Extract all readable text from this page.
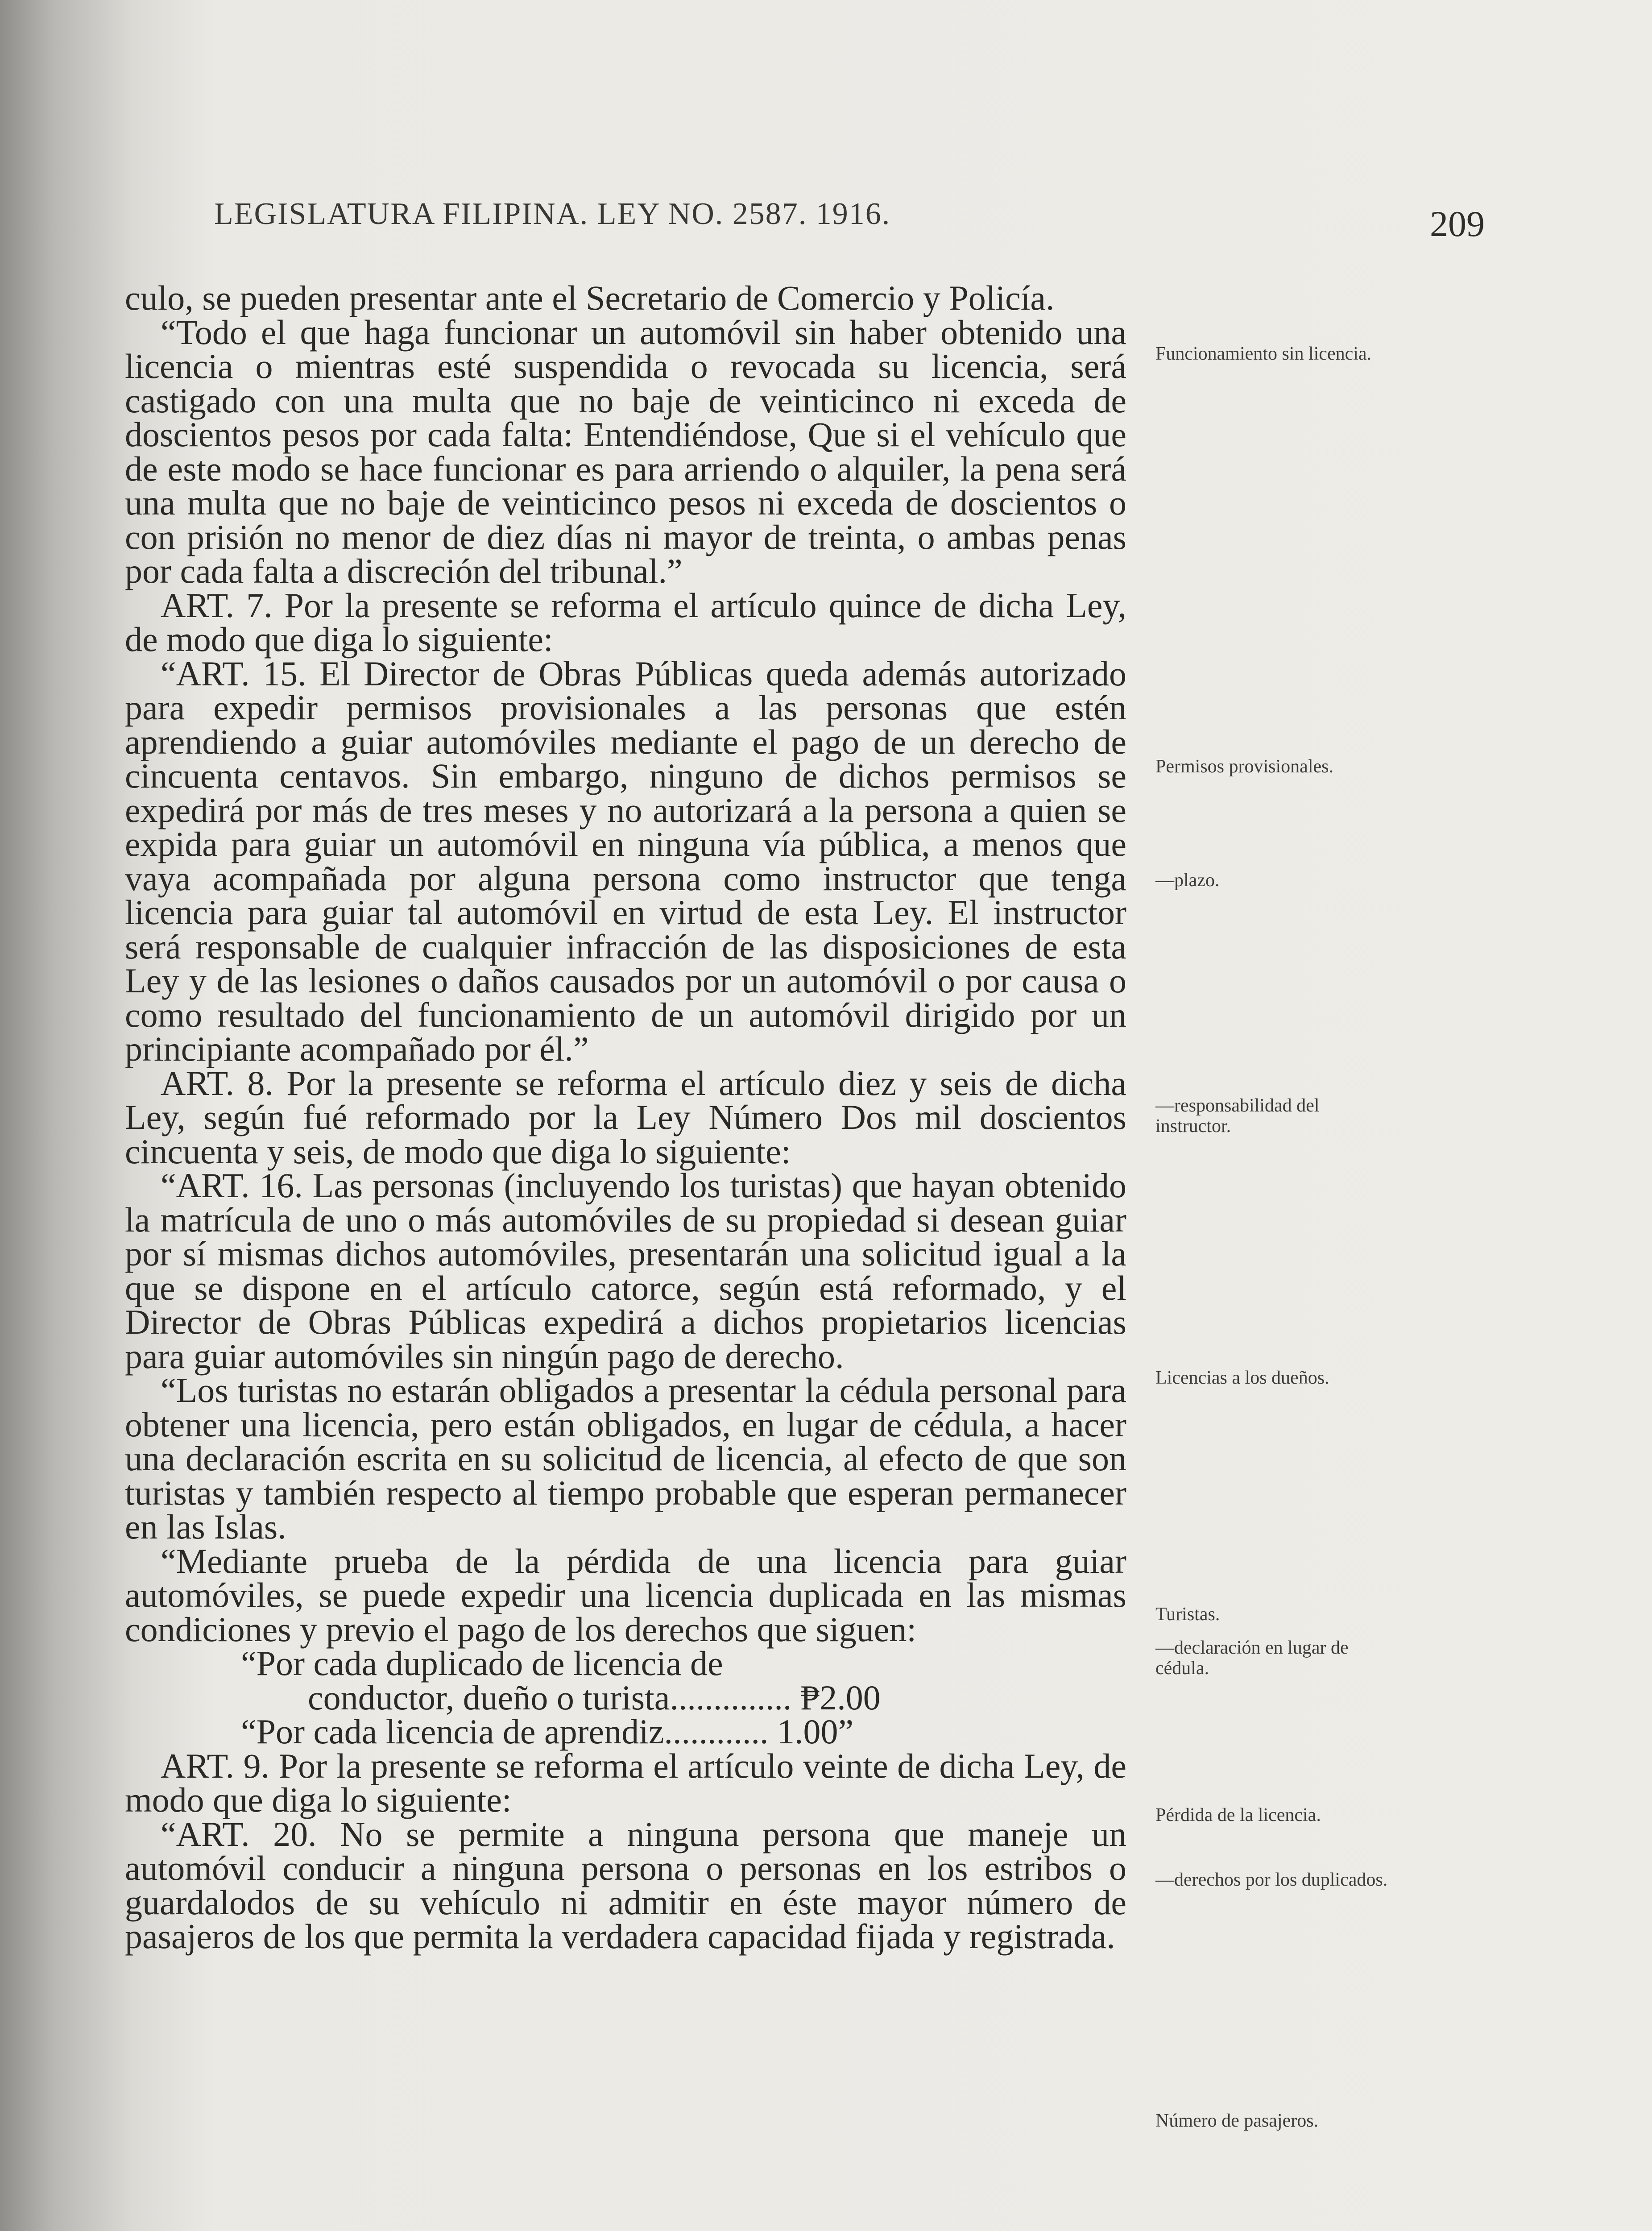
LEGISLATURA FILIPINA. LEY NO. 2587. 1916.	209

culo, se pueden presentar ante el Secretario de Comercio y Policía.

“Todo el que haga funcionar un automóvil sin haber obtenido una licencia o mientras esté suspendida o revocada su licencia, será castigado con una multa que no baje de veinticinco ni exceda de doscientos pesos por cada falta: Entendiéndose, Que si el vehículo que de este modo se hace funcionar es para arriendo o alquiler, la pena será una multa que no baje de veinticinco pesos ni exceda de doscientos o con prisión no menor de diez días ni mayor de treinta, o ambas penas por cada falta a discreción del tribunal.”

ART. 7. Por la presente se reforma el artículo quince de dicha Ley, de modo que diga lo siguiente:

“ART. 15. El Director de Obras Públicas queda además autorizado para expedir permisos provisionales a las personas que estén aprendiendo a guiar automóviles mediante el pago de un derecho de cincuenta centavos. Sin embargo, ninguno de dichos permisos se expedirá por más de tres meses y no autorizará a la persona a quien se expida para guiar un automóvil en ninguna vía pública, a menos que vaya acompañada por alguna persona como instructor que tenga licencia para guiar tal automóvil en virtud de esta Ley. El instructor será responsable de cualquier infracción de las disposiciones de esta Ley y de las lesiones o daños causados por un automóvil o por causa o como resultado del funcionamiento de un automóvil dirigido por un principiante acompañado por él.”

ART. 8. Por la presente se reforma el artículo diez y seis de dicha Ley, según fué reformado por la Ley Número Dos mil doscientos cincuenta y seis, de modo que diga lo siguiente:

“ART. 16. Las personas (incluyendo los turistas) que hayan obtenido la matrícula de uno o más automóviles de su propiedad si desean guiar por sí mismas dichos automóviles, presentarán una solicitud igual a la que se dispone en el artículo catorce, según está reformado, y el Director de Obras Públicas expedirá a dichos propietarios licencias para guiar automóviles sin ningún pago de derecho.

“Los turistas no estarán obligados a presentar la cédula personal para obtener una licencia, pero están obligados, en lugar de cédula, a hacer una declaración escrita en su solicitud de licencia, al efecto de que son turistas y también respecto al tiempo probable que esperan permanecer en las Islas.

“Mediante prueba de la pérdida de una licencia para guiar automóviles, se puede expedir una licencia duplicada en las mismas condiciones y previo el pago de los derechos que siguen:

“Por cada duplicado de licencia de

conductor, dueño o turista.............. ₱2.00

“Por cada licencia de aprendiz............ 1.00”

ART. 9. Por la presente se reforma el artículo veinte de dicha Ley, de modo que diga lo siguiente:

“ART. 20. No se permite a ninguna persona que maneje un automóvil conducir a ninguna persona o personas en los estribos o guardalodos de su vehículo ni admitir en éste mayor número de pasajeros de los que permita la verdadera capacidad fijada y registrada.

Funcionamiento sin licencia.
Permisos provisionales.
—plazo.
—responsabilidad del instructor.
Licencias a los dueños.
Turistas.
—declaración en lugar de cédula.
Pérdida de la licencia.
—derechos por los duplicados.
Número de pasajeros.
